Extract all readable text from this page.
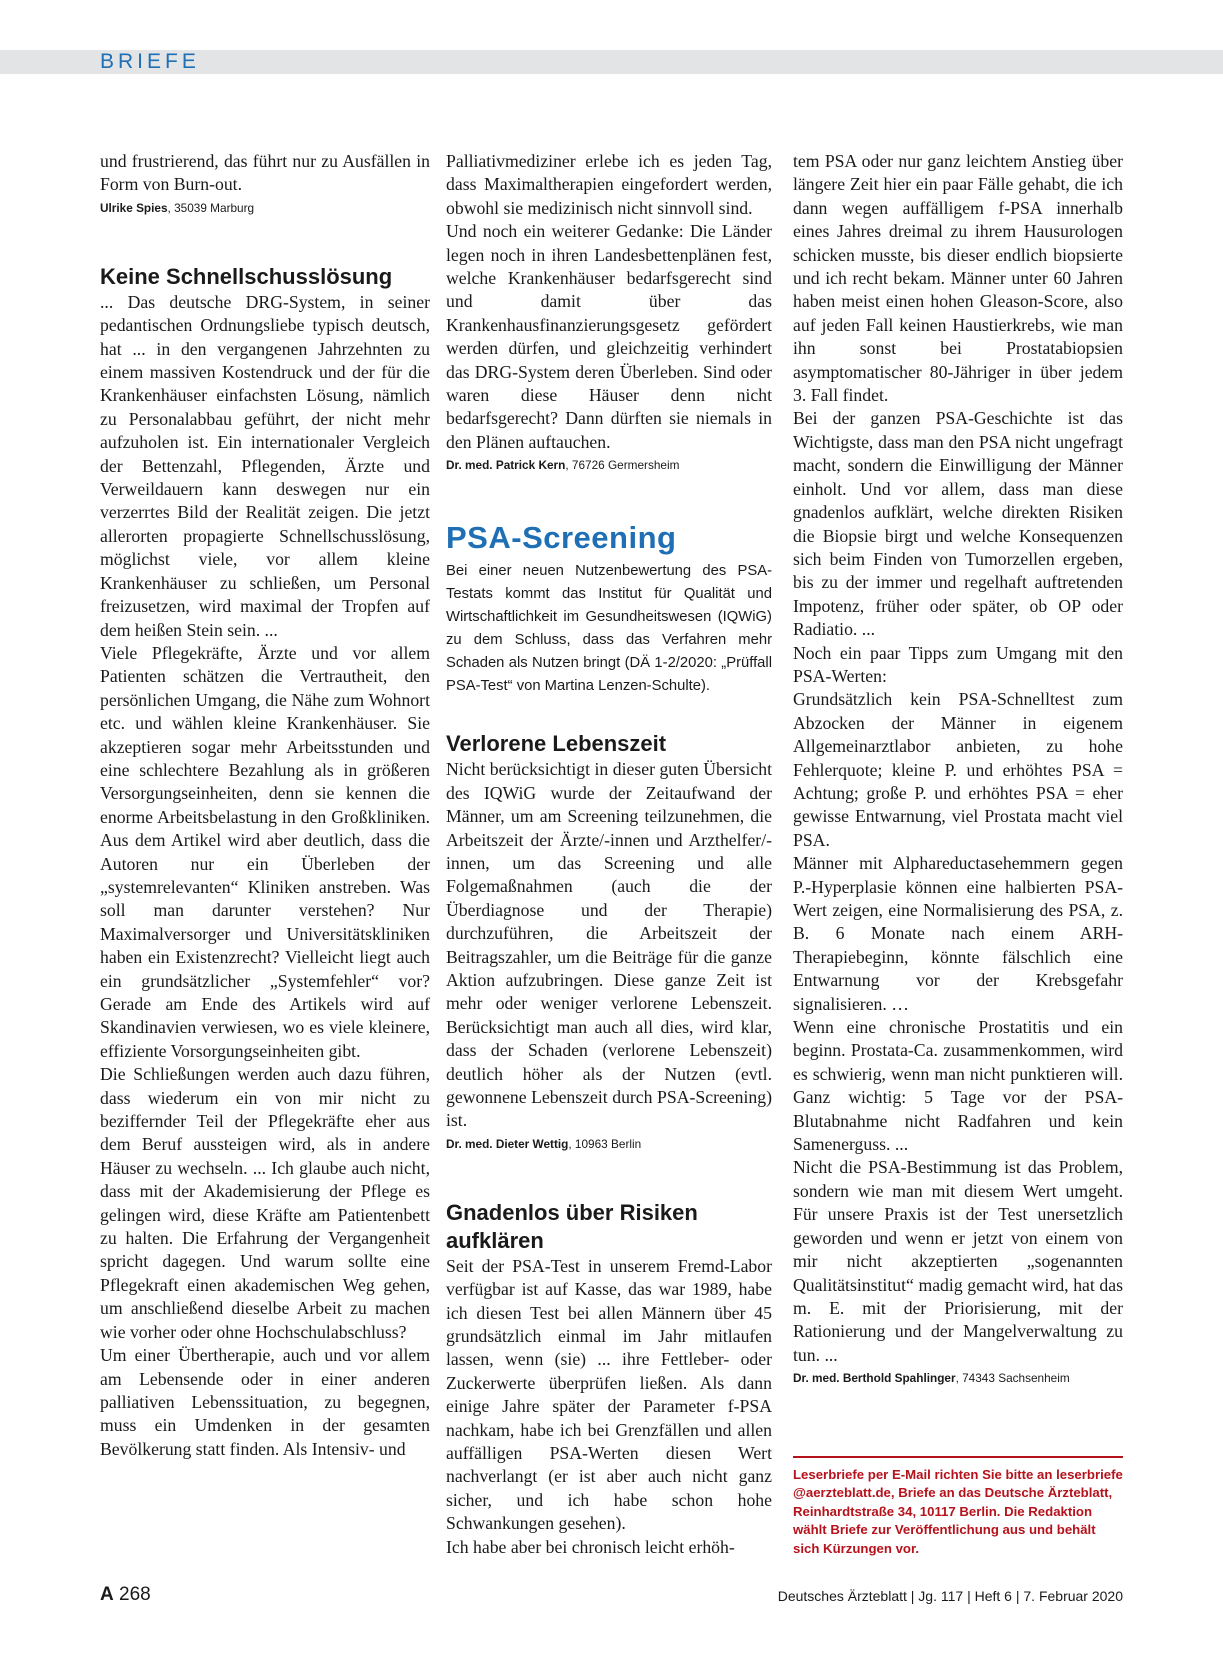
BRIEFE

und frustrierend, das führt nur zu Ausfällen in Form von Burn-out.

Ulrike Spies, 35039 Marburg
Keine Schnellschusslösung

... Das deutsche DRG-System, in seiner pedantischen Ordnungsliebe typisch deutsch, hat ... in den vergangenen Jahrzehnten zu einem massiven Kostendruck und der für die Krankenhäuser einfachsten Lösung, nämlich zu Personalabbau geführt, der nicht mehr aufzuholen ist. Ein internationaler Vergleich der Bettenzahl, Pflegenden, Ärzte und Verweildauern kann deswegen nur ein verzerrtes Bild der Realität zeigen. Die jetzt allerorten propagierte Schnellschusslösung, möglichst viele, vor allem kleine Krankenhäuser zu schließen, um Personal freizusetzen, wird maximal der Tropfen auf dem heißen Stein sein. ...

Viele Pflegekräfte, Ärzte und vor allem Patienten schätzen die Vertrautheit, den persönlichen Umgang, die Nähe zum Wohnort etc. und wählen kleine Krankenhäuser. Sie akzeptieren sogar mehr Arbeitsstunden und eine schlechtere Bezahlung als in größeren Versorgungseinheiten, denn sie kennen die enorme Arbeitsbelastung in den Großkliniken. Aus dem Artikel wird aber deutlich, dass die Autoren nur ein Überleben der „systemrelevanten“ Kliniken anstreben. Was soll man darunter verstehen? Nur Maximalversorger und Universitätskliniken haben ein Existenzrecht? Vielleicht liegt auch ein grundsätzlicher „Systemfehler“ vor? Gerade am Ende des Artikels wird auf Skandinavien verwiesen, wo es viele kleinere, effiziente Vorsorgungseinheiten gibt.

Die Schließungen werden auch dazu führen, dass wiederum ein von mir nicht zu beziffernder Teil der Pflegekräfte eher aus dem Beruf aussteigen wird, als in andere Häuser zu wechseln. ... Ich glaube auch nicht, dass mit der Akademisierung der Pflege es gelingen wird, diese Kräfte am Patientenbett zu halten. Die Erfahrung der Vergangenheit spricht dagegen. Und warum sollte eine Pflegekraft einen akademischen Weg gehen, um anschließend dieselbe Arbeit zu machen wie vorher oder ohne Hochschulabschluss?

Um einer Übertherapie, auch und vor allem am Lebensende oder in einer anderen palliativen Lebenssituation, zu begegnen, muss ein Umdenken in der gesamten Bevölkerung statt finden. Als Intensiv- und

Palliativmediziner erlebe ich es jeden Tag, dass Maximaltherapien eingefordert werden, obwohl sie medizinisch nicht sinnvoll sind.

Und noch ein weiterer Gedanke: Die Länder legen noch in ihren Landesbettenplänen fest, welche Krankenhäuser bedarfsgerecht sind und damit über das Krankenhausfinanzierungsgesetz gefördert werden dürfen, und gleichzeitig verhindert das DRG-System deren Überleben. Sind oder waren diese Häuser denn nicht bedarfsgerecht? Dann dürften sie niemals in den Plänen auftauchen.

Dr. med. Patrick Kern, 76726 Germersheim
PSA-Screening

Bei einer neuen Nutzenbewertung des PSA-Testats kommt das Institut für Qualität und Wirtschaftlichkeit im Gesundheitswesen (IQWiG) zu dem Schluss, dass das Verfahren mehr Schaden als Nutzen bringt (DÄ 1-2/2020: „Prüffall PSA-Test“ von Martina Lenzen-Schulte).

Verlorene Lebenszeit

Nicht berücksichtigt in dieser guten Übersicht des IQWiG wurde der Zeitaufwand der Männer, um am Screening teilzunehmen, die Arbeitszeit der Ärzte/-innen und Arzthelfer/-innen, um das Screening und alle Folgemaßnahmen (auch die der Überdiagnose und der Therapie) durchzuführen, die Arbeitszeit der Beitragszahler, um die Beiträge für die ganze Aktion aufzubringen. Diese ganze Zeit ist mehr oder weniger verlorene Lebenszeit. Berücksichtigt man auch all dies, wird klar, dass der Schaden (verlorene Lebenszeit) deutlich höher als der Nutzen (evtl. gewonnene Lebenszeit durch PSA-Screening) ist.

Dr. med. Dieter Wettig, 10963 Berlin
Gnadenlos über Risiken aufklären

Seit der PSA-Test in unserem Fremd-Labor verfügbar ist auf Kasse, das war 1989, habe ich diesen Test bei allen Männern über 45 grundsätzlich einmal im Jahr mitlaufen lassen, wenn (sie) ... ihre Fettleber- oder Zuckerwerte überprüfen ließen. Als dann einige Jahre später der Parameter f-PSA nachkam, habe ich bei Grenzfällen und allen auffälligen PSA-Werten diesen Wert nachverlangt (er ist aber auch nicht ganz sicher, und ich habe schon hohe Schwankungen gesehen).

Ich habe aber bei chronisch leicht erhöh-

tem PSA oder nur ganz leichtem Anstieg über längere Zeit hier ein paar Fälle gehabt, die ich dann wegen auffälligem f-PSA innerhalb eines Jahres dreimal zu ihrem Hausurologen schicken musste, bis dieser endlich biopsierte und ich recht bekam. Männer unter 60 Jahren haben meist einen hohen Gleason-Score, also auf jeden Fall keinen Haustierkrebs, wie man ihn sonst bei Prostatabiopsien asymptomatischer 80-Jähriger in über jedem 3. Fall findet.

Bei der ganzen PSA-Geschichte ist das Wichtigste, dass man den PSA nicht ungefragt macht, sondern die Einwilligung der Männer einholt. Und vor allem, dass man diese gnadenlos aufklärt, welche direkten Risiken die Biopsie birgt und welche Konsequenzen sich beim Finden von Tumorzellen ergeben, bis zu der immer und regelhaft auftretenden Impotenz, früher oder später, ob OP oder Radiatio. ...

Noch ein paar Tipps zum Umgang mit den PSA-Werten:

Grundsätzlich kein PSA-Schnelltest zum Abzocken der Männer in eigenem Allgemeinarztlabor anbieten, zu hohe Fehlerquote; kleine P. und erhöhtes PSA = Achtung; große P. und erhöhtes PSA = eher gewisse Entwarnung, viel Prostata macht viel PSA.

Männer mit Alphareductasehemmern gegen P.-Hyperplasie können eine halbierten PSA-Wert zeigen, eine Normalisierung des PSA, z. B. 6 Monate nach einem ARH-Therapiebeginn, könnte fälschlich eine Entwarnung vor der Krebsgefahr signalisieren. …

Wenn eine chronische Prostatitis und ein beginn. Prostata-Ca. zusammenkommen, wird es schwierig, wenn man nicht punktieren will. Ganz wichtig: 5 Tage vor der PSA-Blutabnahme nicht Radfahren und kein Samenerguss. ...

Nicht die PSA-Bestimmung ist das Problem, sondern wie man mit diesem Wert umgeht. Für unsere Praxis ist der Test unersetzlich geworden und wenn er jetzt von einem von mir nicht akzeptierten „sogenannten Qualitätsinstitut“ madig gemacht wird, hat das m. E. mit der Priorisierung, mit der Rationierung und der Mangelverwaltung zu tun. ...

Dr. med. Berthold Spahlinger, 74343 Sachsenheim
Leserbriefe per E-Mail richten Sie bitte an leserbriefe @aerzteblatt.de, Briefe an das Deutsche Ärzteblatt, Reinhardtstraße 34, 10117 Berlin. Die Redaktion wählt Briefe zur Veröffentlichung aus und behält sich Kürzungen vor.
A 268	Deutsches Ärzteblatt | Jg. 117 | Heft 6 | 7. Februar 2020
